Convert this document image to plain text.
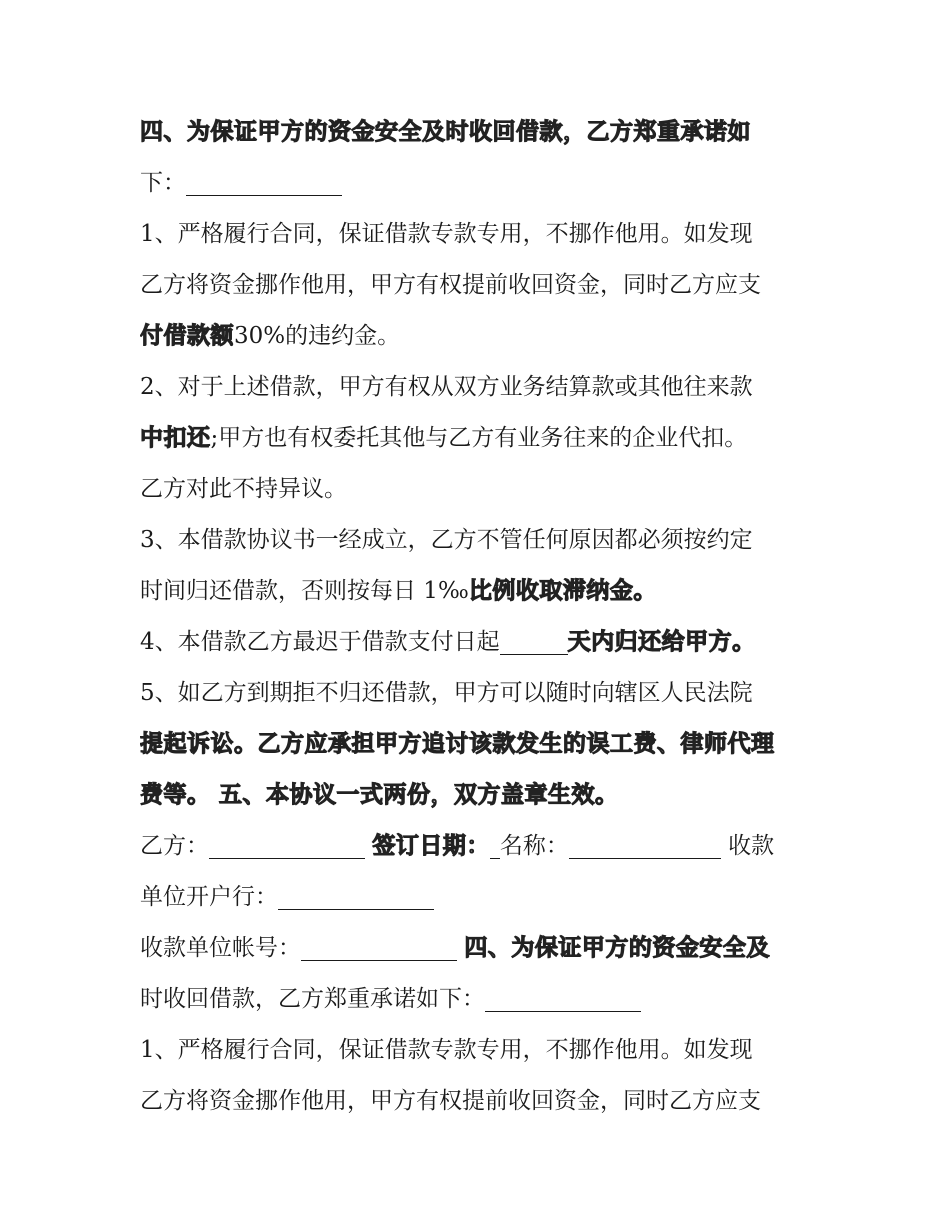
四、为保证甲方的资金安全及时收回借款，乙方郑重承诺如
下：
1、严格履行合同，保证借款专款专用，不挪作他用。如发现
乙方将资金挪作他用，甲方有权提前收回资金，同时乙方应支
付借款额30%的违约金。
2、对于上述借款，甲方有权从双方业务结算款或其他往来款
中扣还;甲方也有权委托其他与乙方有业务往来的企业代扣。
乙方对此不持异议。
3、本借款协议书一经成立，乙方不管任何原因都必须按约定
时间归还借款，否则按每日 1‰比例收取滞纳金。
4、本借款乙方最迟于借款支付日起	天内归还给甲方。
5、如乙方到期拒不归还借款，甲方可以随时向辖区人民法院
提起诉讼。乙方应承担甲方追讨该款发生的误工费、律师代理
费等。 五、本协议一式两份，双方盖章生效。
乙方：	签订日期： 名称：	收款
单位开户行：
收款单位帐号：	四、为保证甲方的资金安全及
时收回借款，乙方郑重承诺如下：
1、严格履行合同，保证借款专款专用，不挪作他用。如发现
乙方将资金挪作他用，甲方有权提前收回资金，同时乙方应支
